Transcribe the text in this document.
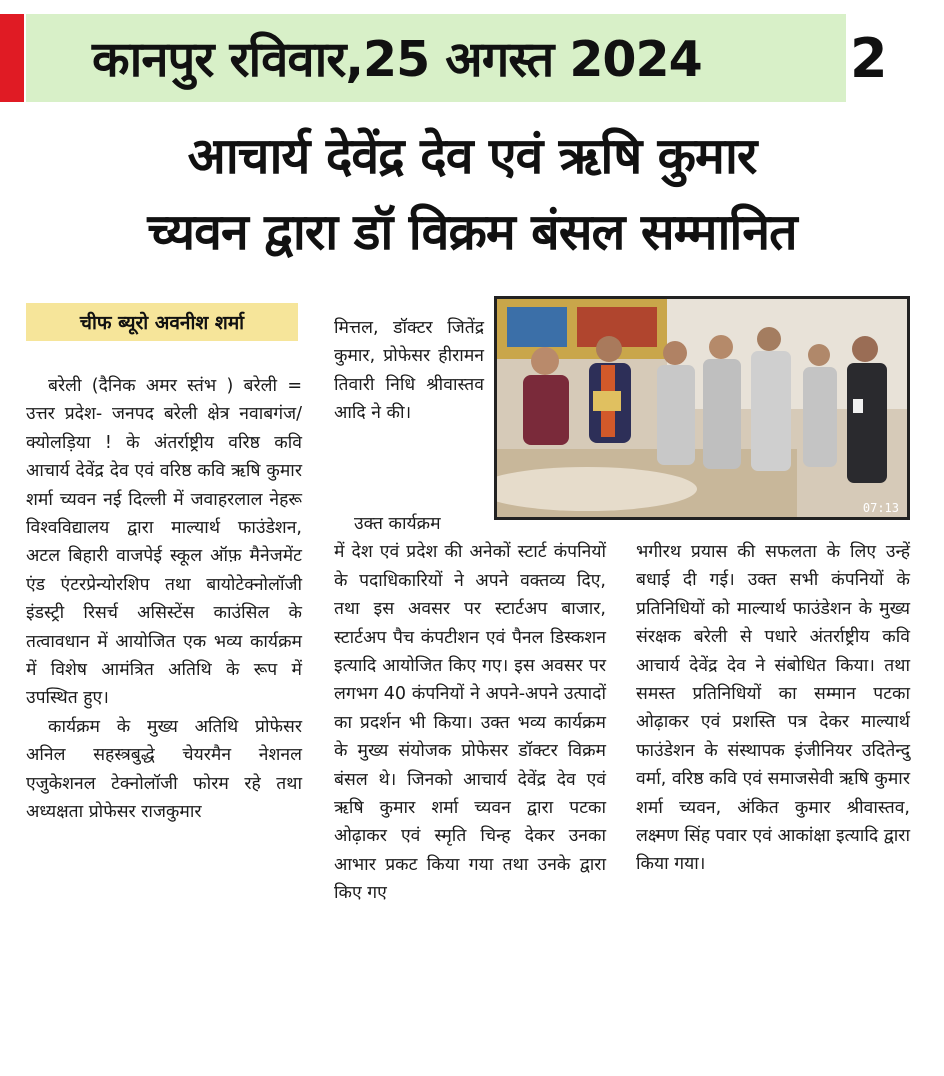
कानपुर रविवार,25 अगस्त 2024	2
आचार्य देवेंद्र देव एवं ऋषि कुमार
च्यवन द्वारा डॉ विक्रम बंसल सम्मानित
चीफ ब्यूरो अवनीश शर्मा

बरेली (दैनिक अमर स्तंभ ) बरेली = उत्तर प्रदेश- जनपद बरेली क्षेत्र नवाबगंज/ क्योलड़िया ! के अंतर्राष्ट्रीय वरिष्ठ कवि आचार्य देवेंद्र देव एवं वरिष्ठ कवि ऋषि कुमार शर्मा च्यवन नई दिल्ली में जवाहरलाल नेहरू विश्वविद्यालय द्वारा माल्यार्थ फाउंडेशन, अटल बिहारी वाजपेई स्कूल ऑफ़ मैनेजमेंट एंड एंटरप्रेन्योरशिप तथा बायोटेक्नोलॉजी इंडस्ट्री रिसर्च असिस्टेंस काउंसिल के तत्वावधान में आयोजित एक भव्य कार्यक्रम में विशेष आमंत्रित अतिथि के रूप में उपस्थित हुए।

कार्यक्रम के मुख्य अतिथि प्रोफेसर अनिल सहस्त्रबुद्धे चेयरमैन नेशनल एजुकेशनल टेक्नोलॉजी फोरम रहे तथा अध्यक्षता प्रोफेसर राजकुमार

मित्तल, डॉक्टर जितेंद्र कुमार, प्रोफेसर हीरामन तिवारी निधि श्रीवास्तव आदि ने की।

उक्त कार्यक्रम

में देश एवं प्रदेश की अनेकों स्टार्ट कंपनियों के पदाधिकारियों ने अपने वक्तव्य दिए, तथा इस अवसर पर स्टार्टअप बाजार, स्टार्टअप पैच कंपटीशन एवं पैनल डिस्कशन इत्यादि आयोजित किए गए। इस अवसर पर लगभग 40 कंपनियों ने अपने-अपने उत्पादों का प्रदर्शन भी किया। उक्त भव्य कार्यक्रम के मुख्य संयोजक प्रोफेसर डॉक्टर विक्रम बंसल थे। जिनको आचार्य देवेंद्र देव एवं ऋषि कुमार शर्मा च्यवन द्वारा पटका ओढ़ाकर एवं स्मृति चिन्ह देकर उनका आभार प्रकट किया गया तथा उनके द्वारा किए गए

भगीरथ प्रयास की सफलता के लिए उन्हें बधाई दी गई। उक्त सभी कंपनियों के प्रतिनिधियों को माल्यार्थ फाउंडेशन के मुख्य संरक्षक बरेली से पधारे अंतर्राष्ट्रीय कवि आचार्य देवेंद्र देव ने संबोधित किया। तथा समस्त प्रतिनिधियों का सम्मान पटका ओढ़ाकर एवं प्रशस्ति पत्र देकर माल्यार्थ फाउंडेशन के संस्थापक इंजीनियर उदितेन्दु वर्मा, वरिष्ठ कवि एवं समाजसेवी ऋषि कुमार शर्मा च्यवन, अंकित कुमार श्रीवास्तव, लक्ष्मण सिंह पवार एवं आकांक्षा इत्यादि द्वारा किया गया।

07:13
